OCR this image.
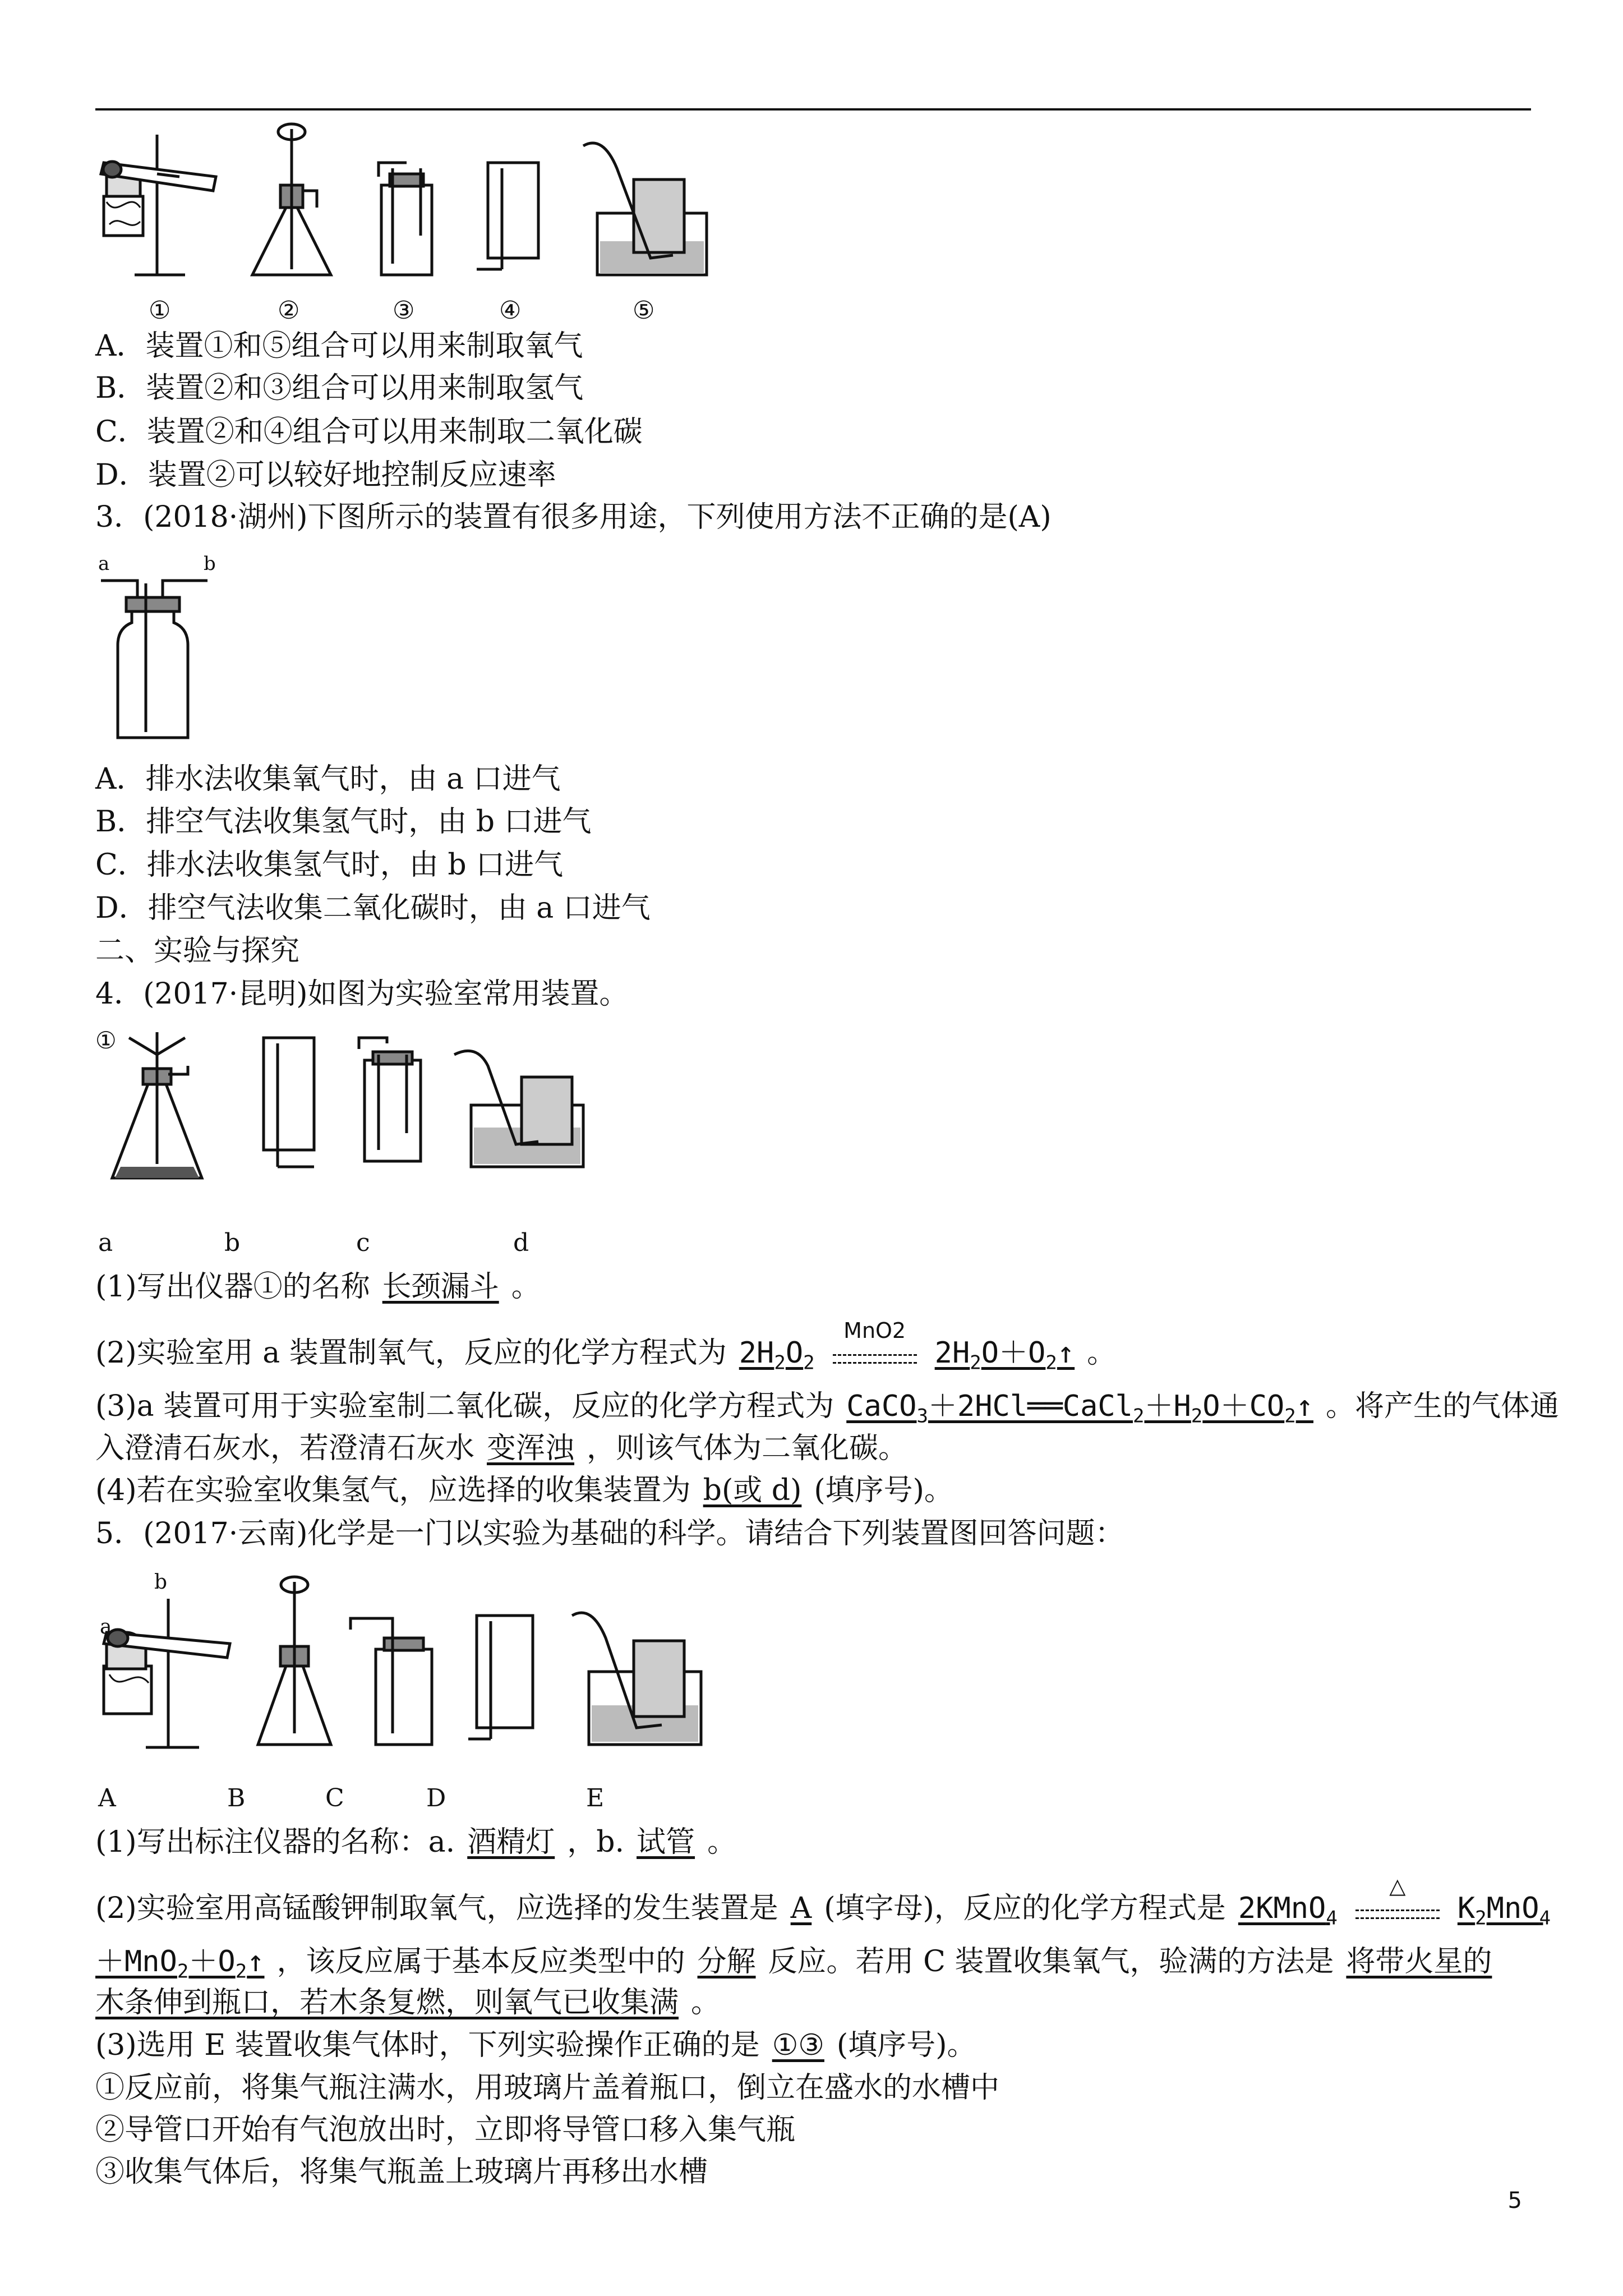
①	②	③	④	⑤
A．装置①和⑤组合可以用来制取氧气
B．装置②和③组合可以用来制取氢气
C．装置②和④组合可以用来制取二氧化碳
D．装置②可以较好地控制反应速率
3．(2018·湖州)下图所示的装置有很多用途，下列使用方法不正确的是(A)
a	b
A．排水法收集氧气时，由 a 口进气
B．排空气法收集氢气时，由 b 口进气
C．排水法收集氢气时，由 b 口进气
D．排空气法收集二氧化碳时，由 a 口进气
二、实验与探究
4．(2017·昆明)如图为实验室常用装置。
①
a	b	c	d
(1)写出仪器①的名称 长颈漏斗 。
(2)实验室用 a 装置制氧气，反应的化学方程式为 $2H_2O_2$
MnO2
$2H_2O+O_2↑$ 。
(3)a 装置可用于实验室制二氧化碳，反应的化学方程式为 $CaCO_3+2HCl══CaCl_2+H_2O+CO_2↑$ 。将产生的气体通
入澄清石灰水，若澄清石灰水 变浑浊 ，则该气体为二氧化碳。
(4)若在实验室收集氢气，应选择的收集装置为 b(或 d) (填序号)。
5．(2017·云南)化学是一门以实验为基础的科学。请结合下列装置图回答问题：
b
a
A	B	C	D	E
(1)写出标注仪器的名称：a. 酒精灯 ，b. 试管 。
(2)实验室用高锰酸钾制取氧气，应选择的发生装置是 A (填字母)，反应的化学方程式是 2KMnO$_4$
△
$K_2MnO_4$
$+MnO_2+O_2↑$ ，该反应属于基本反应类型中的 分解 反应。若用 C 装置收集氧气，验满的方法是 将带火星的
木条伸到瓶口，若木条复燃，则氧气已收集满 。
(3)选用 E 装置收集气体时，下列实验操作正确的是 ①③ (填序号)。
①反应前，将集气瓶注满水，用玻璃片盖着瓶口，倒立在盛水的水槽中
②导管口开始有气泡放出时，立即将导管口移入集气瓶
③收集气体后，将集气瓶盖上玻璃片再移出水槽
5
